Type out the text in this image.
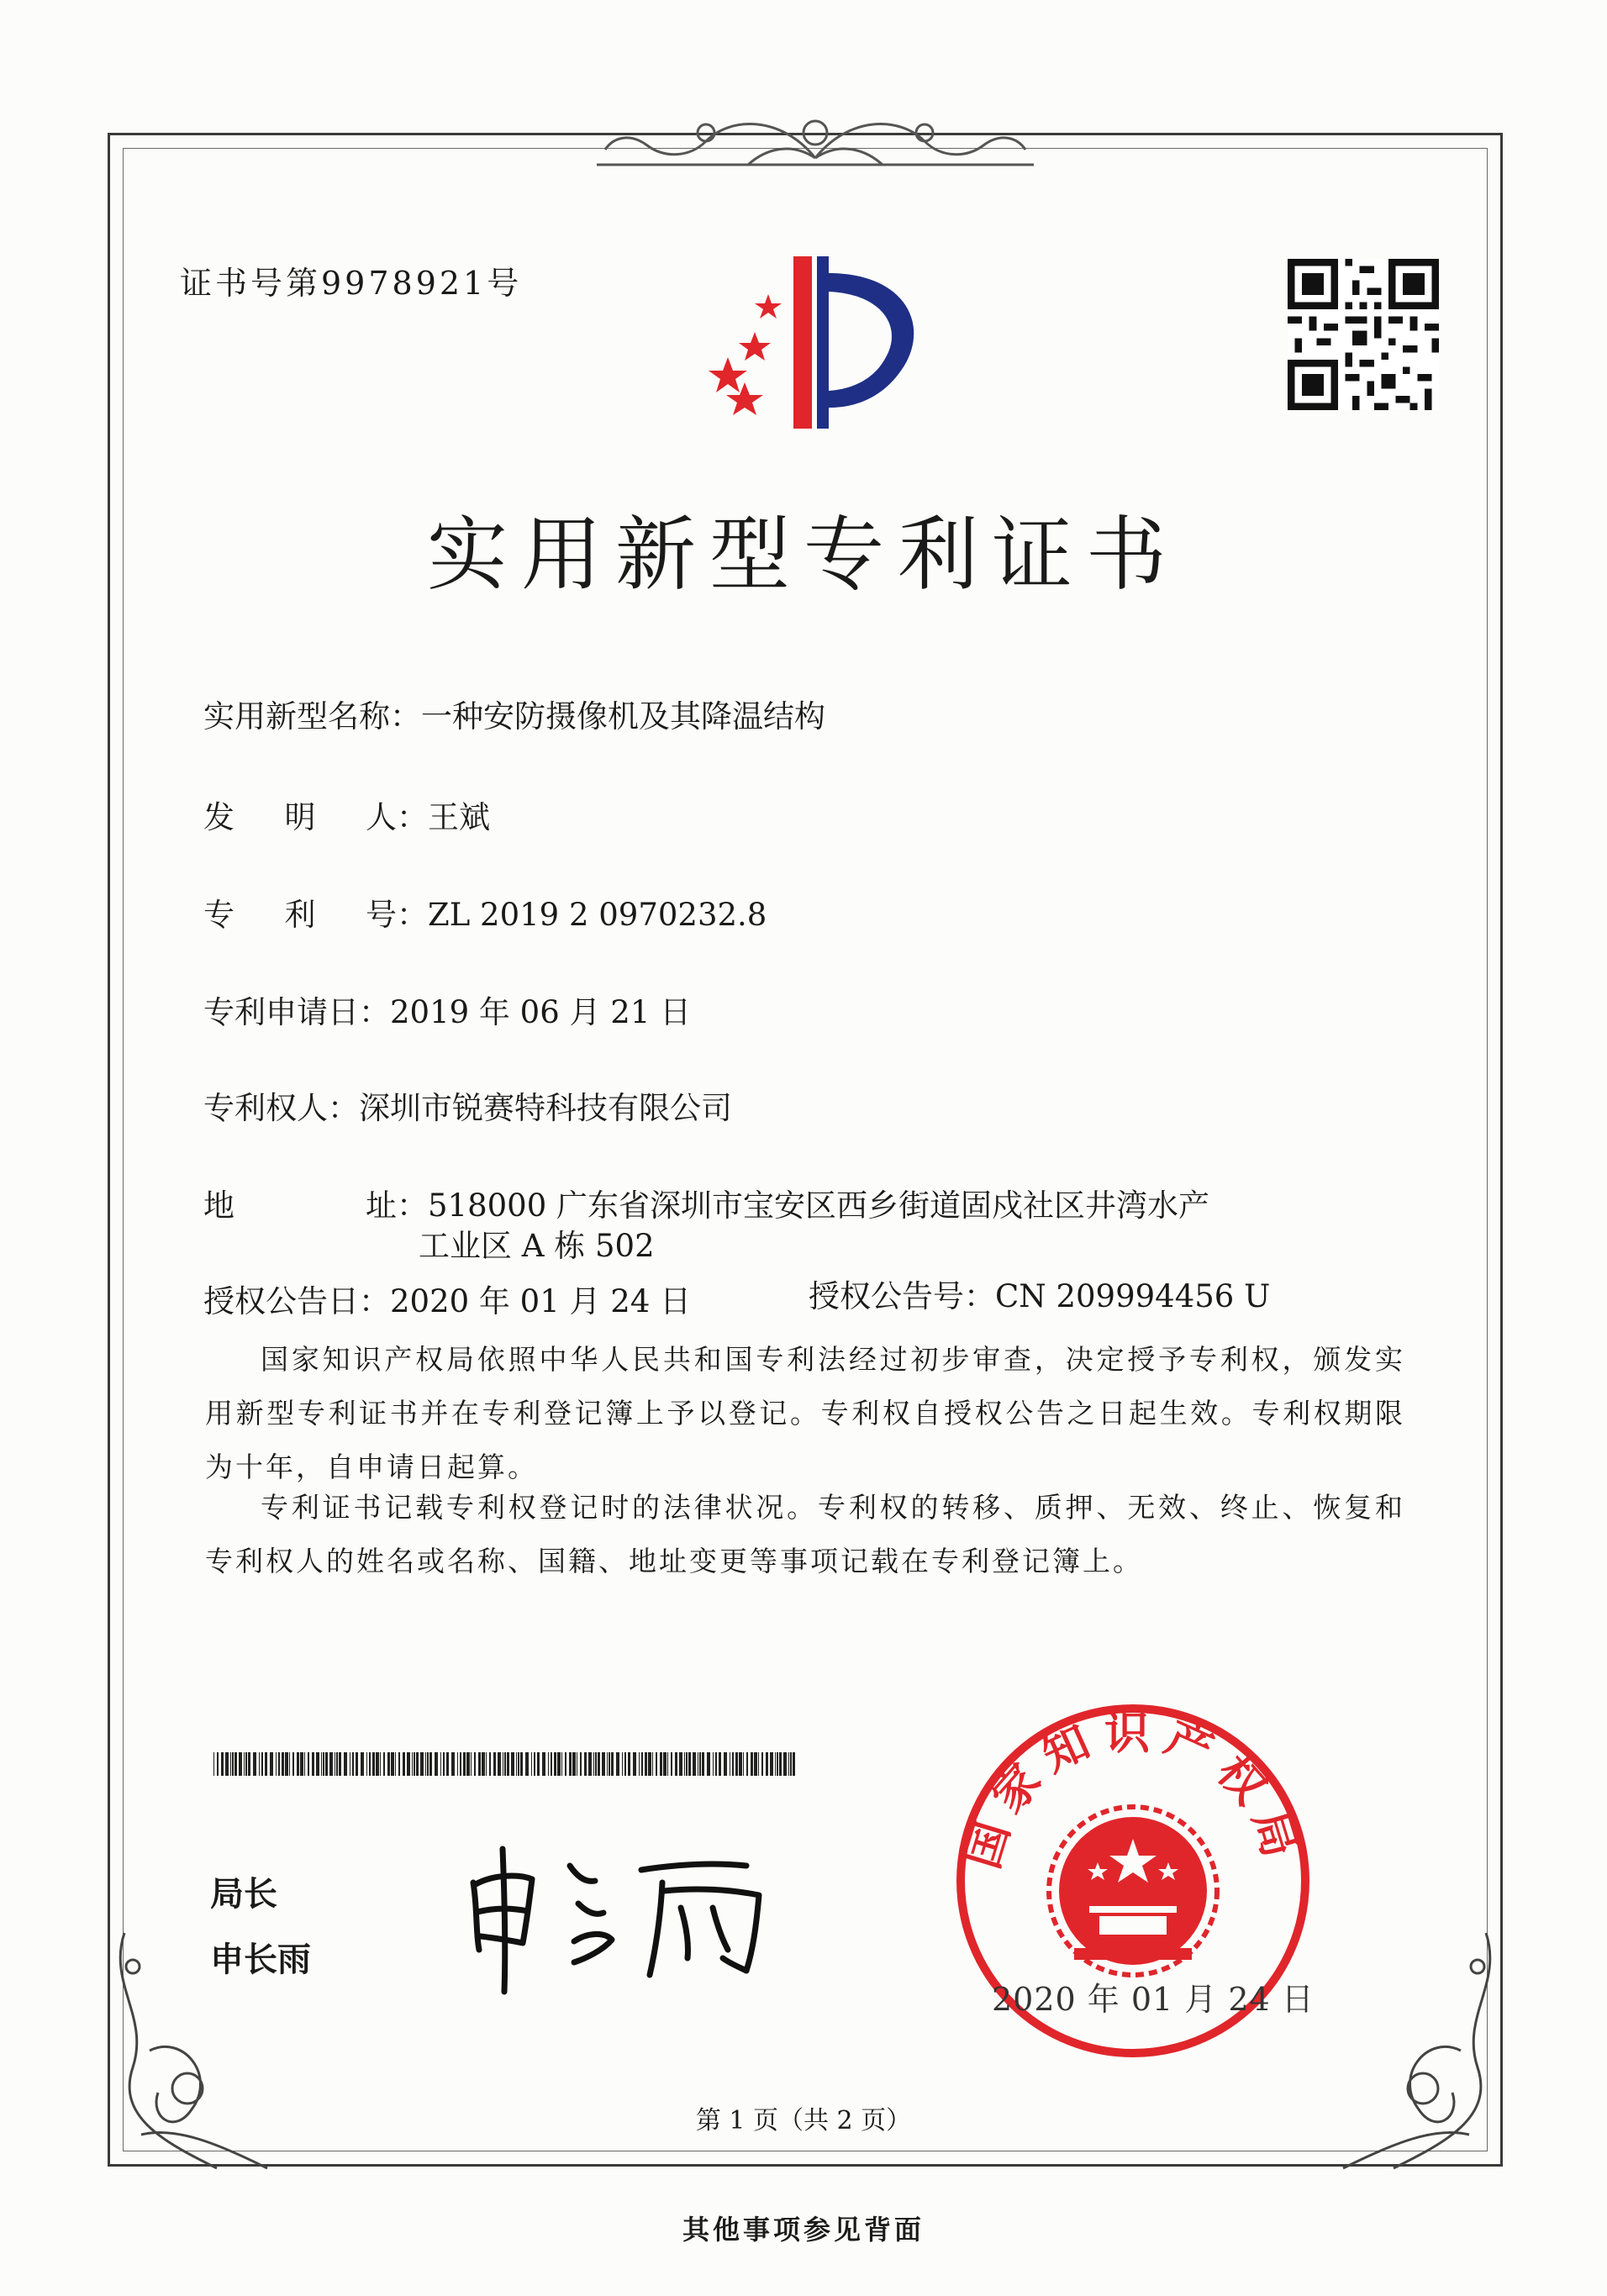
证书号第9978921号
实用新型专利证书
实用新型名称：一种安防摄像机及其降温结构
发明人：王斌
专利号：ZL 2019 2 0970232.8
专利申请日：2019 年 06 月 21 日
专利权人：深圳市锐赛特科技有限公司
地址：518000 广东省深圳市宝安区西乡街道固戍社区井湾水产
工业区 A 栋 502
授权公告日：2020 年 01 月 24 日	授权公告号：CN 209994456 U
国家知识产权局依照中华人民共和国专利法经过初步审查，决定授予专利权，颁发实用新型专利证书并在专利登记簿上予以登记。专利权自授权公告之日起生效。专利权期限为十年，自申请日起算。
专利证书记载专利权登记时的法律状况。专利权的转移、质押、无效、终止、恢复和专利权人的姓名或名称、国籍、地址变更等事项记载在专利登记簿上。
局长
申长雨
国家知识产权局
2020 年 01 月 24 日
第 1 页（共 2 页）
其他事项参见背面
